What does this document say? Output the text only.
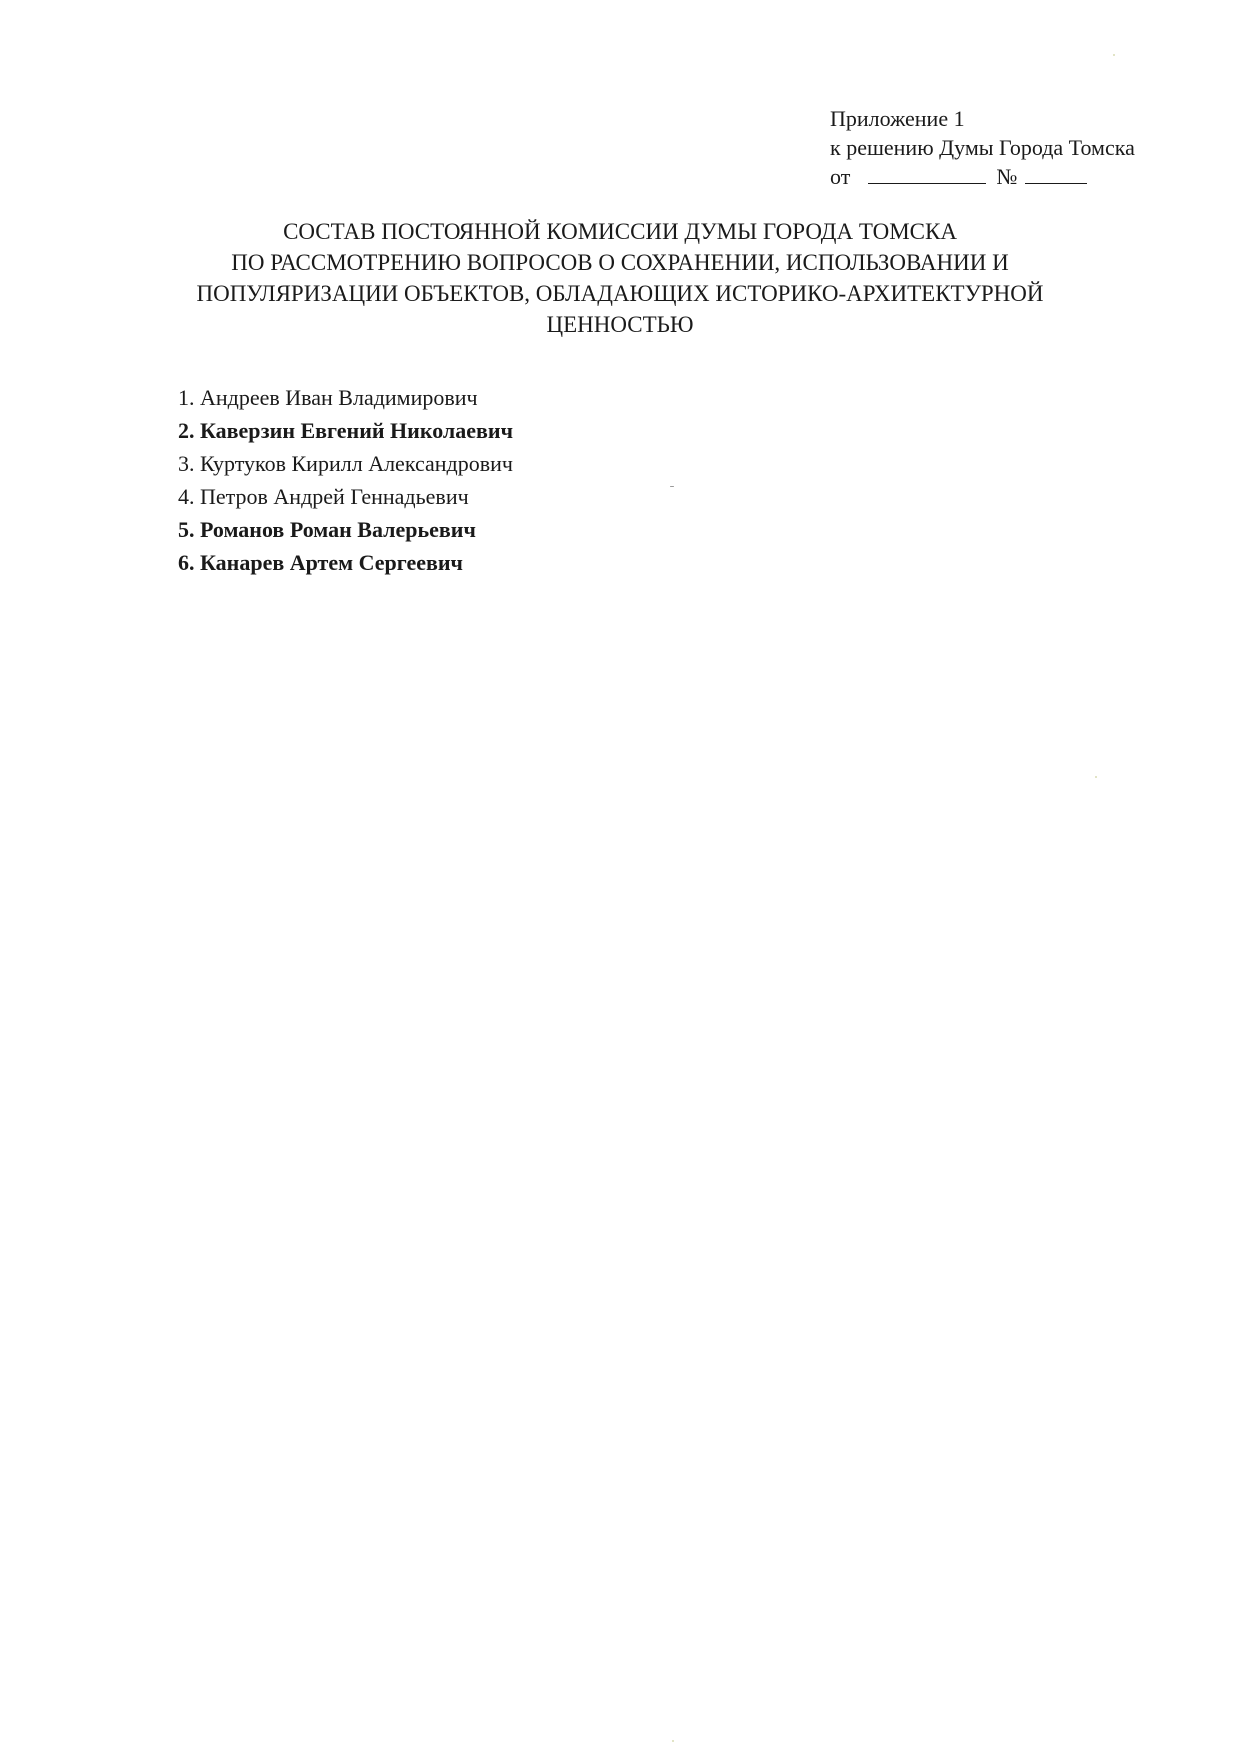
Приложение 1
к решению Думы Города Томска
от	№
СОСТАВ ПОСТОЯННОЙ КОМИССИИ ДУМЫ ГОРОДА ТОМСКА
ПО РАССМОТРЕНИЮ ВОПРОСОВ О СОХРАНЕНИИ, ИСПОЛЬЗОВАНИИ И
ПОПУЛЯРИЗАЦИИ ОБЪЕКТОВ, ОБЛАДАЮЩИХ ИСТОРИКО-АРХИТЕКТУРНОЙ
ЦЕННОСТЬЮ
1. Андреев Иван Владимирович
2. Каверзин Евгений Николаевич
3. Куртуков Кирилл Александрович
4. Петров Андрей Геннадьевич
5. Романов Роман Валерьевич
6. Канарев Артем Сергеевич
